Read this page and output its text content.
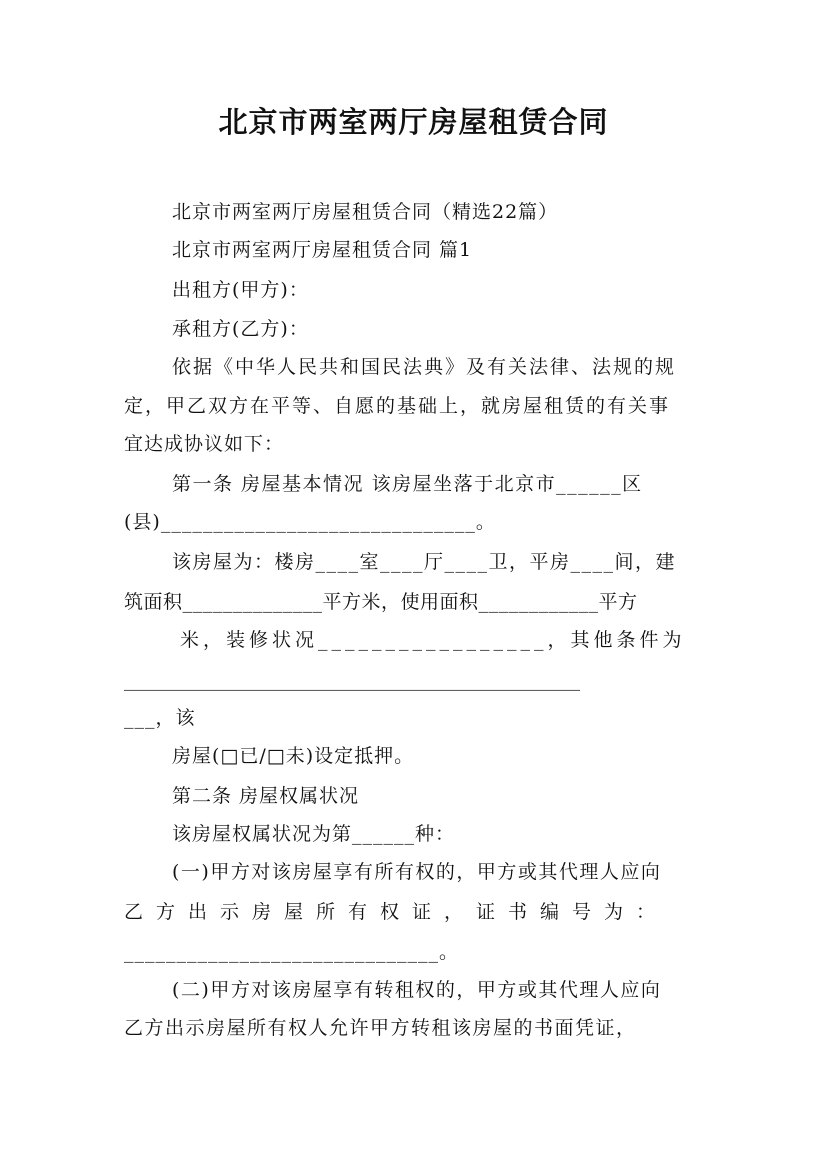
北京市两室两厅房屋租赁合同
北京市两室两厅房屋租赁合同（精选22篇）
北京市两室两厅房屋租赁合同 篇1
出租方(甲方)：
承租方(乙方)：
依据《中华人民共和国民法典》及有关法律、法规的规
定，甲乙双方在平等、自愿的基础上，就房屋租赁的有关事
宜达成协议如下：
第一条 房屋基本情况 该房屋坐落于北京市______区
(县)______________________________。
该房屋为：楼房____室____厅____卫，平房____间，建
筑面积______________平方米，使用面积____________平方
米，装修状况_________________，其他条件为
________________________________________________
___，该
房屋(□已/□未)设定抵押。
第二条 房屋权属状况
该房屋权属状况为第______种：
(一)甲方对该房屋享有所有权的，甲方或其代理人应向
乙方出示房屋所有权证，证书编号为：
______________________________。
(二)甲方对该房屋享有转租权的，甲方或其代理人应向
乙方出示房屋所有权人允许甲方转租该房屋的书面凭证，
